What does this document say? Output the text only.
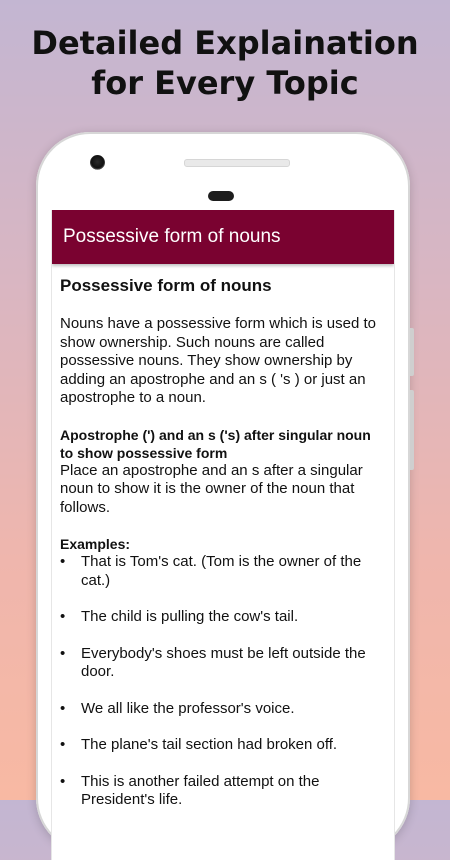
Detailed Explaination
for Every Topic
Possessive form of nouns
Possessive form of nouns

Nouns have a possessive form which is used to show ownership. Such nouns are called possessive nouns. They show ownership by adding an apostrophe and an s ( 's ) or just an apostrophe to a noun.

Apostrophe (') and an s ('s) after singular noun to show possessive form

Place an apostrophe and an s after a singular noun to show it is the owner of the noun that follows.

Examples:
• That is Tom's cat. (Tom is the owner of the cat.)
• The child is pulling the cow's tail.
• Everybody's shoes must be left outside the door.
• We all like the professor's voice.
• The plane's tail section had broken off.
• This is another failed attempt on the President's life.
